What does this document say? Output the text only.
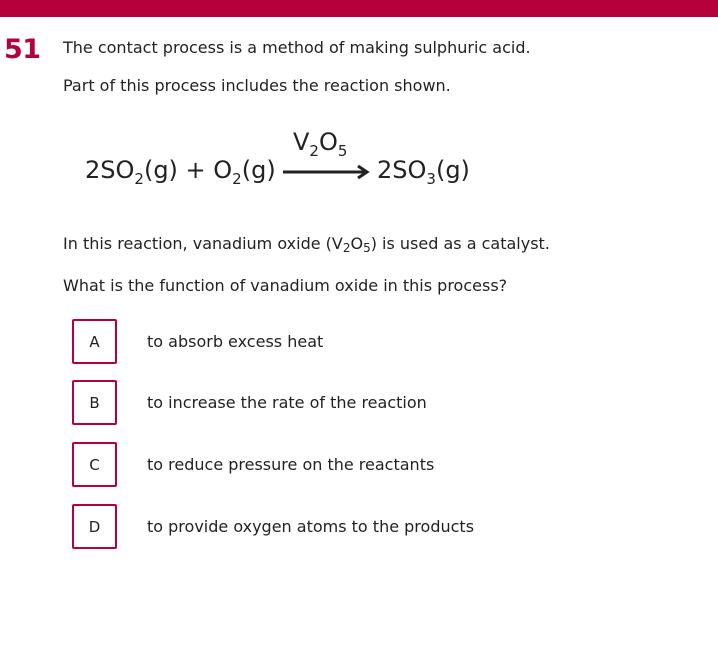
51 The contact process is a method of making sulphuric acid.
Part of this process includes the reaction shown.
$2SO_2(g) + O_2(g)$
$V_2O_5$
$2SO_3(g)$
In this reaction, vanadium oxide (V2O5) is used as a catalyst.
What is the function of vanadium oxide in this process?
A	to absorb excess heat
B	to increase the rate of the reaction
C	to reduce pressure on the reactants
D	to provide oxygen atoms to the products
